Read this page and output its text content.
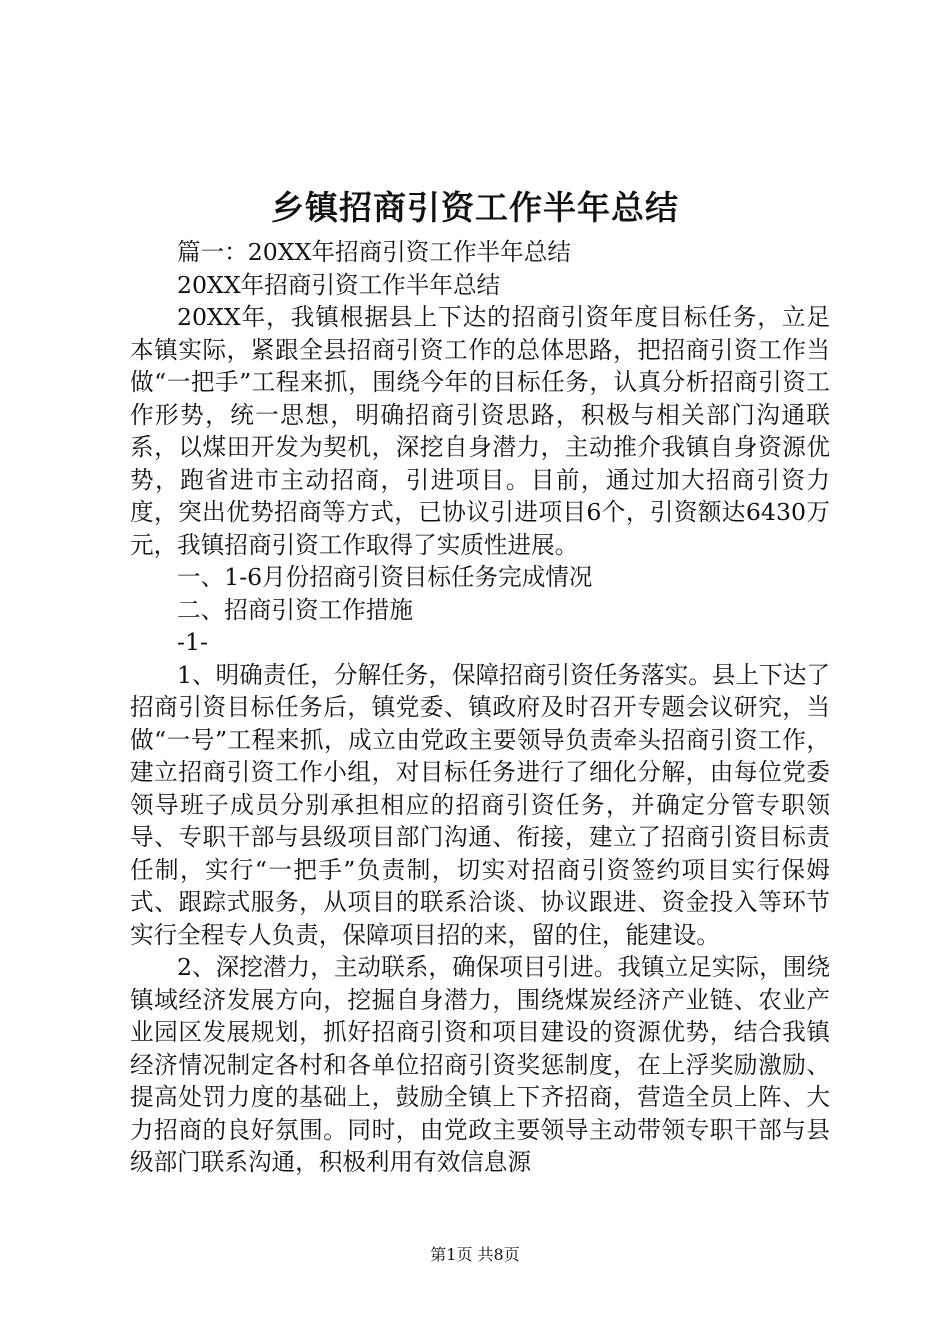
乡镇招商引资工作半年总结

篇一：20XX年招商引资工作半年总结

20XX年招商引资工作半年总结

20XX年，我镇根据县上下达的招商引资年度目标任务，立足本镇实际，紧跟全县招商引资工作的总体思路，把招商引资工作当做“一把手”工程来抓，围绕今年的目标任务，认真分析招商引资工作形势，统一思想，明确招商引资思路，积极与相关部门沟通联系，以煤田开发为契机，深挖自身潜力，主动推介我镇自身资源优势，跑省进市主动招商，引进项目。目前，通过加大招商引资力度，突出优势招商等方式，已协议引进项目6个，引资额达6430万元，我镇招商引资工作取得了实质性进展。

一、1-6月份招商引资目标任务完成情况

二、招商引资工作措施

-1-

1、明确责任，分解任务，保障招商引资任务落实。县上下达了招商引资目标任务后，镇党委、镇政府及时召开专题会议研究，当做“一号”工程来抓，成立由党政主要领导负责牵头招商引资工作，建立招商引资工作小组，对目标任务进行了细化分解，由每位党委领导班子成员分别承担相应的招商引资任务，并确定分管专职领导、专职干部与县级项目部门沟通、衔接，建立了招商引资目标责任制，实行“一把手”负责制，切实对招商引资签约项目实行保姆式、跟踪式服务，从项目的联系洽谈、协议跟进、资金投入等环节实行全程专人负责，保障项目招的来，留的住，能建设。

2、深挖潜力，主动联系，确保项目引进。我镇立足实际，围绕镇域经济发展方向，挖掘自身潜力，围绕煤炭经济产业链、农业产业园区发展规划，抓好招商引资和项目建设的资源优势，结合我镇经济情况制定各村和各单位招商引资奖惩制度，在上浮奖励激励、提高处罚力度的基础上，鼓励全镇上下齐招商，营造全员上阵、大力招商的良好氛围。同时，由党政主要领导主动带领专职干部与县级部门联系沟通，积极利用有效信息源

第1页 共8页
